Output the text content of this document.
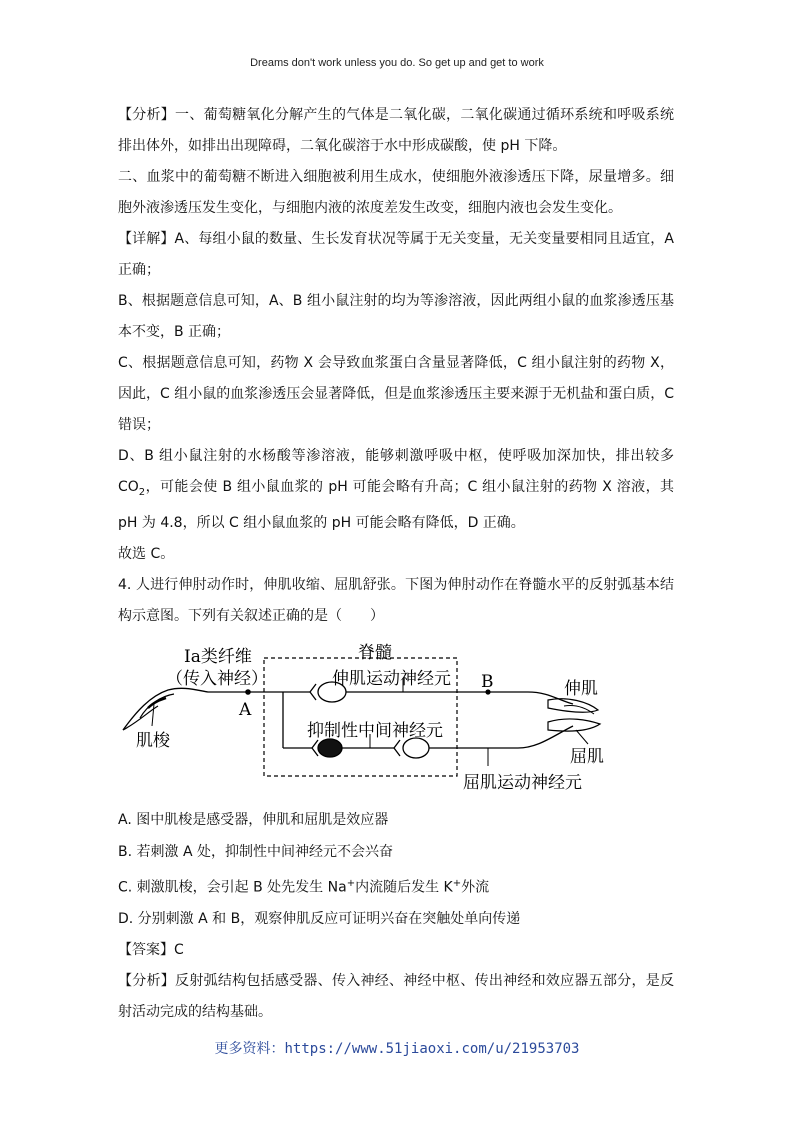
Dreams don't work unless you do. So get up and get to work

【分析】一、葡萄糖氧化分解产生的气体是二氧化碳，二氧化碳通过循环系统和呼吸系统排出体外，如排出出现障碍，二氧化碳溶于水中形成碳酸，使 pH 下降。

二、血浆中的葡萄糖不断进入细胞被利用生成水，使细胞外液渗透压下降，尿量增多。细胞外液渗透压发生变化，与细胞内液的浓度差发生改变，细胞内液也会发生变化。

【详解】A、每组小鼠的数量、生长发育状况等属于无关变量，无关变量要相同且适宜，A 正确；

B、根据题意信息可知，A、B 组小鼠注射的均为等渗溶液，因此两组小鼠的血浆渗透压基本不变，B 正确；

C、根据题意信息可知，药物 X 会导致血浆蛋白含量显著降低，C 组小鼠注射的药物 X，因此，C 组小鼠的血浆渗透压会显著降低，但是血浆渗透压主要来源于无机盐和蛋白质，C 错误；

D、B 组小鼠注射的水杨酸等渗溶液，能够刺激呼吸中枢，使呼吸加深加快，排出较多$CO_2$，可能会使 B 组小鼠血浆的 pH 可能会略有升高；C 组小鼠注射的药物 X 溶液，其 pH 为 4.8，所以 C 组小鼠血浆的 pH 可能会略有降低，D 正确。

故选 C。

4. 人进行伸肘动作时，伸肌收缩、屈肌舒张。下图为伸肘动作在脊髓水平的反射弧基本结构示意图。下列有关叙述正确的是（　　）

Ia类纤维
（传入神经）
脊髓
伸肌运动神经元 B	伸肌
A
肌梭	抑制性中间神经元
屈肌
屈肌运动神经元

A. 图中肌梭是感受器，伸肌和屈肌是效应器

B. 若刺激 A 处，抑制性中间神经元不会兴奋

C. 刺激肌梭，会引起 B 处先发生 Na+内流随后发生 K+外流

D. 分别刺激 A 和 B，观察伸肌反应可证明兴奋在突触处单向传递

【答案】C

【分析】反射弧结构包括感受器、传入神经、神经中枢、传出神经和效应器五部分，是反射活动完成的结构基础。

更多资料：https://www.51jiaoxi.com/u/21953703
